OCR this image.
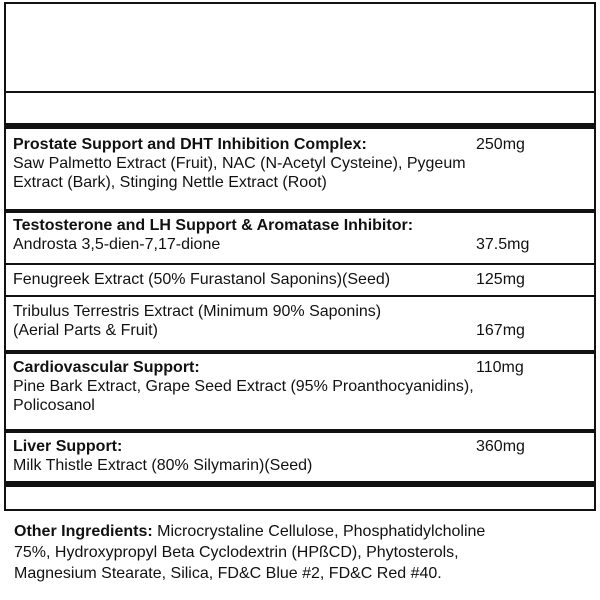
Prostate Support and DHT Inhibition Complex:	250mg
Saw Palmetto Extract (Fruit), NAC (N-Acetyl Cysteine), Pygeum
Extract (Bark), Stinging Nettle Extract (Root)
Testosterone and LH Support & Aromatase Inhibitor:
Androsta 3,5-dien-7,17-dione	37.5mg
Fenugreek Extract (50% Furastanol Saponins)(Seed)	125mg
Tribulus Terrestris Extract (Minimum 90% Saponins)
(Aerial Parts & Fruit)	167mg
Cardiovascular Support:	110mg
Pine Bark Extract, Grape Seed Extract (95% Proanthocyanidins),
Policosanol
Liver Support:	360mg
Milk Thistle Extract (80% Silymarin)(Seed)
Other Ingredients: Microcrystaline Cellulose, Phosphatidylcholine
75%, Hydroxypropyl Beta Cyclodextrin (HPßCD), Phytosterols,
Magnesium Stearate, Silica, FD&C Blue #2, FD&C Red #40.
